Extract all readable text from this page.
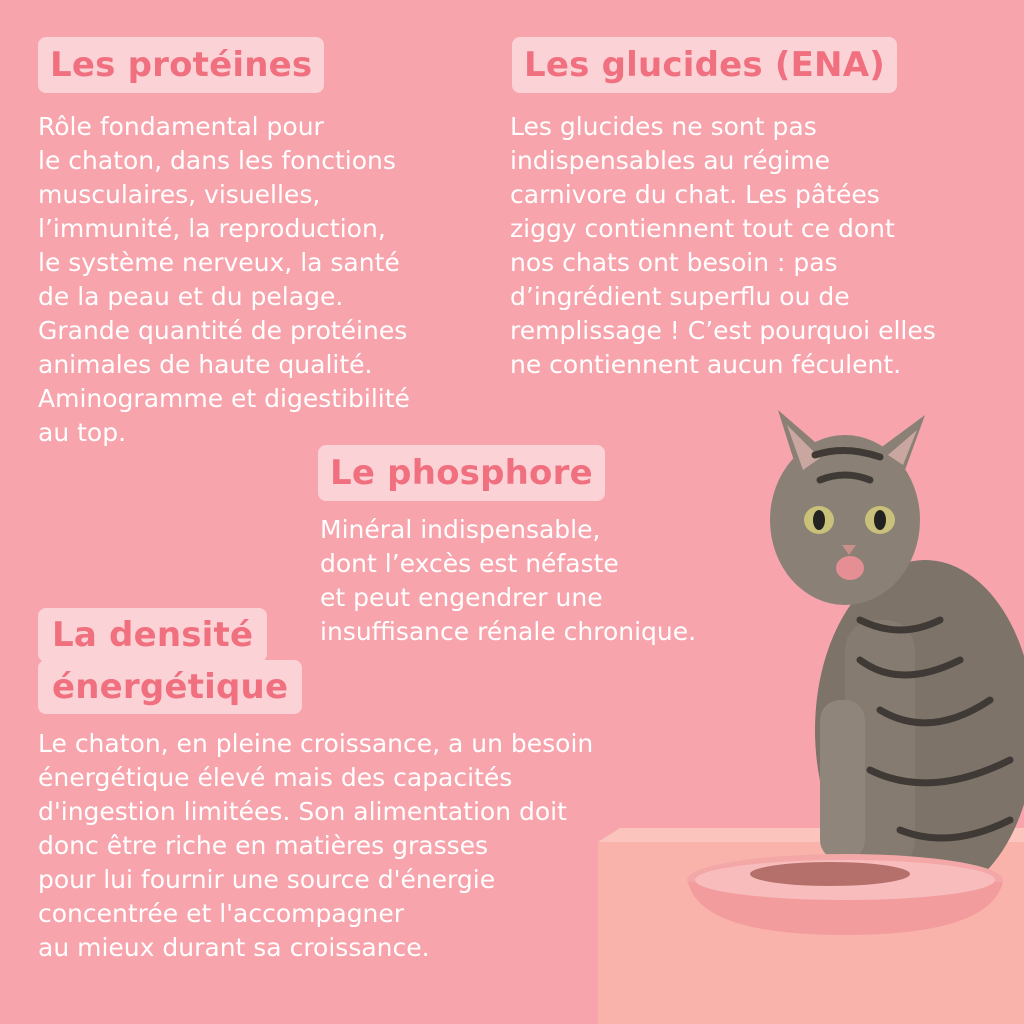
Les protéines

Rôle fondamental pour
le chaton, dans les fonctions
musculaires, visuelles,
l’immunité, la reproduction,
le système nerveux, la santé
de la peau et du pelage.
Grande quantité de protéines
animales de haute qualité.
Aminogramme et digestibilité
au top.

Les glucides (ENA)

Les glucides ne sont pas
indispensables au régime
carnivore du chat. Les pâtées
ziggy contiennent tout ce dont
nos chats ont besoin : pas
d’ingrédient superflu ou de
remplissage ! C’est pourquoi elles
ne contiennent aucun féculent.

Le phosphore

Minéral indispensable,
dont l’excès est néfaste
et peut engendrer une
insuffisance rénale chronique.

La densité
énergétique

Le chaton, en pleine croissance, a un besoin
énergétique élevé mais des capacités
d'ingestion limitées. Son alimentation doit
donc être riche en matières grasses
pour lui fournir une source d'énergie
concentrée et l'accompagner
au mieux durant sa croissance.
